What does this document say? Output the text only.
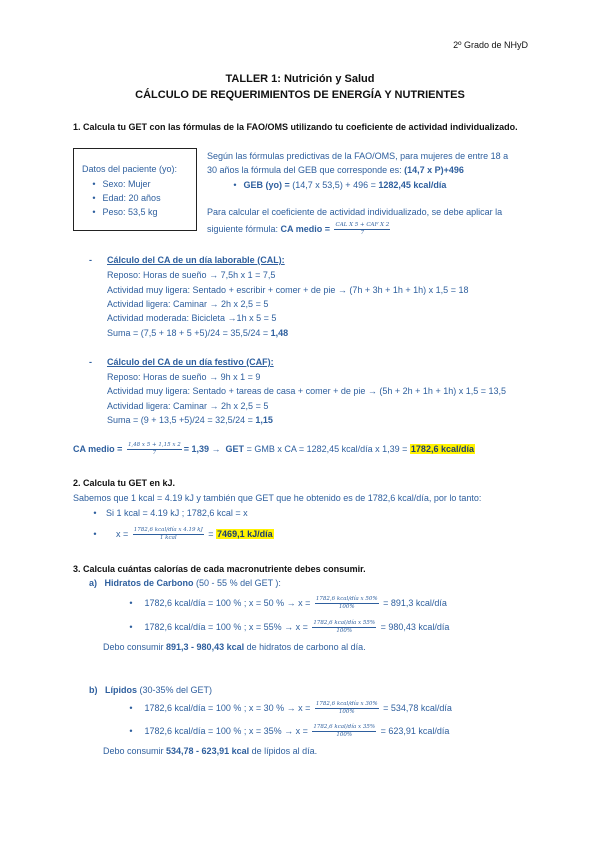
2º Grado de NHyD
TALLER 1: Nutrición y Salud
CÁLCULO DE REQUERIMIENTOS DE ENERGÍA Y NUTRIENTES
1. Calcula tu GET con las fórmulas de la FAO/OMS utilizando tu coeficiente de actividad individualizado.
Datos del paciente (yo):
• Sexo: Mujer
• Edad: 20 años
• Peso: 53,5 kg
Según las fórmulas predictivas de la FAO/OMS, para mujeres de entre 18 a
30 años la fórmula del GEB que corresponde es: (14,7 x P)+496
• GEB (yo) = (14,7 x 53,5) + 496 = 1282,45 kcal/día
Para calcular el coeficiente de actividad individualizado, se debe aplicar la
siguiente fórmula: CA medio = $\frac{\text{CAL X 5 + CAF X 2}}{7}$
- Cálculo del CA de un día laborable (CAL):
Reposo: Horas de sueño → 7,5h x 1 = 7,5
Actividad muy ligera: Sentado + escribir + comer + de pie → (7h + 3h + 1h + 1h) x 1,5 = 18
Actividad ligera: Caminar → 2h x 2,5 = 5
Actividad moderada: Bicicleta →1h x 5 = 5
Suma = (7,5 + 18 + 5 +5)/24 = 35,5/24 = 1,48
- Cálculo del CA de un día festivo (CAF):
Reposo: Horas de sueño → 9h x 1 = 9
Actividad muy ligera: Sentado + tareas de casa + comer + de pie → (5h + 2h + 1h + 1h) x 1,5 = 13,5
Actividad ligera: Caminar → 2h x 2,5 = 5
Suma = (9 + 13,5 +5)/24 = 32,5/24 = 1,15
CA medio = $\frac{1,48 x 5 + 1,15 x 2}{7} = 1,39$ →  GET = GMB x CA = 1282,45 kcal/día x 1,39 = 1782,6 kcal/día
2. Calcula tu GET en kJ.
Sabemos que 1 kcal = 4.19 kJ y también que GET que he obtenido es de 1782,6 kcal/día, por lo tanto:
• Si 1 kcal = 4.19 kJ ; 1782,6 kcal = x
• $x = \frac{\text{1782,6 kcal/día x 4.19 kJ}}{\text{1 kcal}} = 7469,1$ kJ/día
3. Calcula cuántas calorías de cada macronutriente debes consumir.
a) Hidratos de Carbono (50 - 55 % del GET ):
• 1782,6 kcal/día = 100 % ; x = 50 % → $x = \frac{\text{1782,6 kcal/día x 50\%}}{100\%} = 891,3$ kcal/día
• 1782,6 kcal/día = 100 % ; $x = 55\% \to x = \frac{\text{1782,6 kcal/día x 55\%}}{100\%} = 980,43$ kcal/día
Debo consumir 891,3 - 980,43 kcal de hidratos de carbono al día.
b) Lípidos (30-35% del GET)
• 1782,6 kcal/día = 100 % ; x = 30 % → $x = \frac{\text{1782,6 kcal/día x 30\%}}{100\%} = 534,78$ kcal/día
• 1782,6 kcal/día = 100 % ; $x = 35\% \to x = \frac{\text{1782,6 kcal/día x 35\%}}{100\%} = 623,91$ kcal/día
Debo consumir 534,78 - 623,91 kcal de lípidos al día.
